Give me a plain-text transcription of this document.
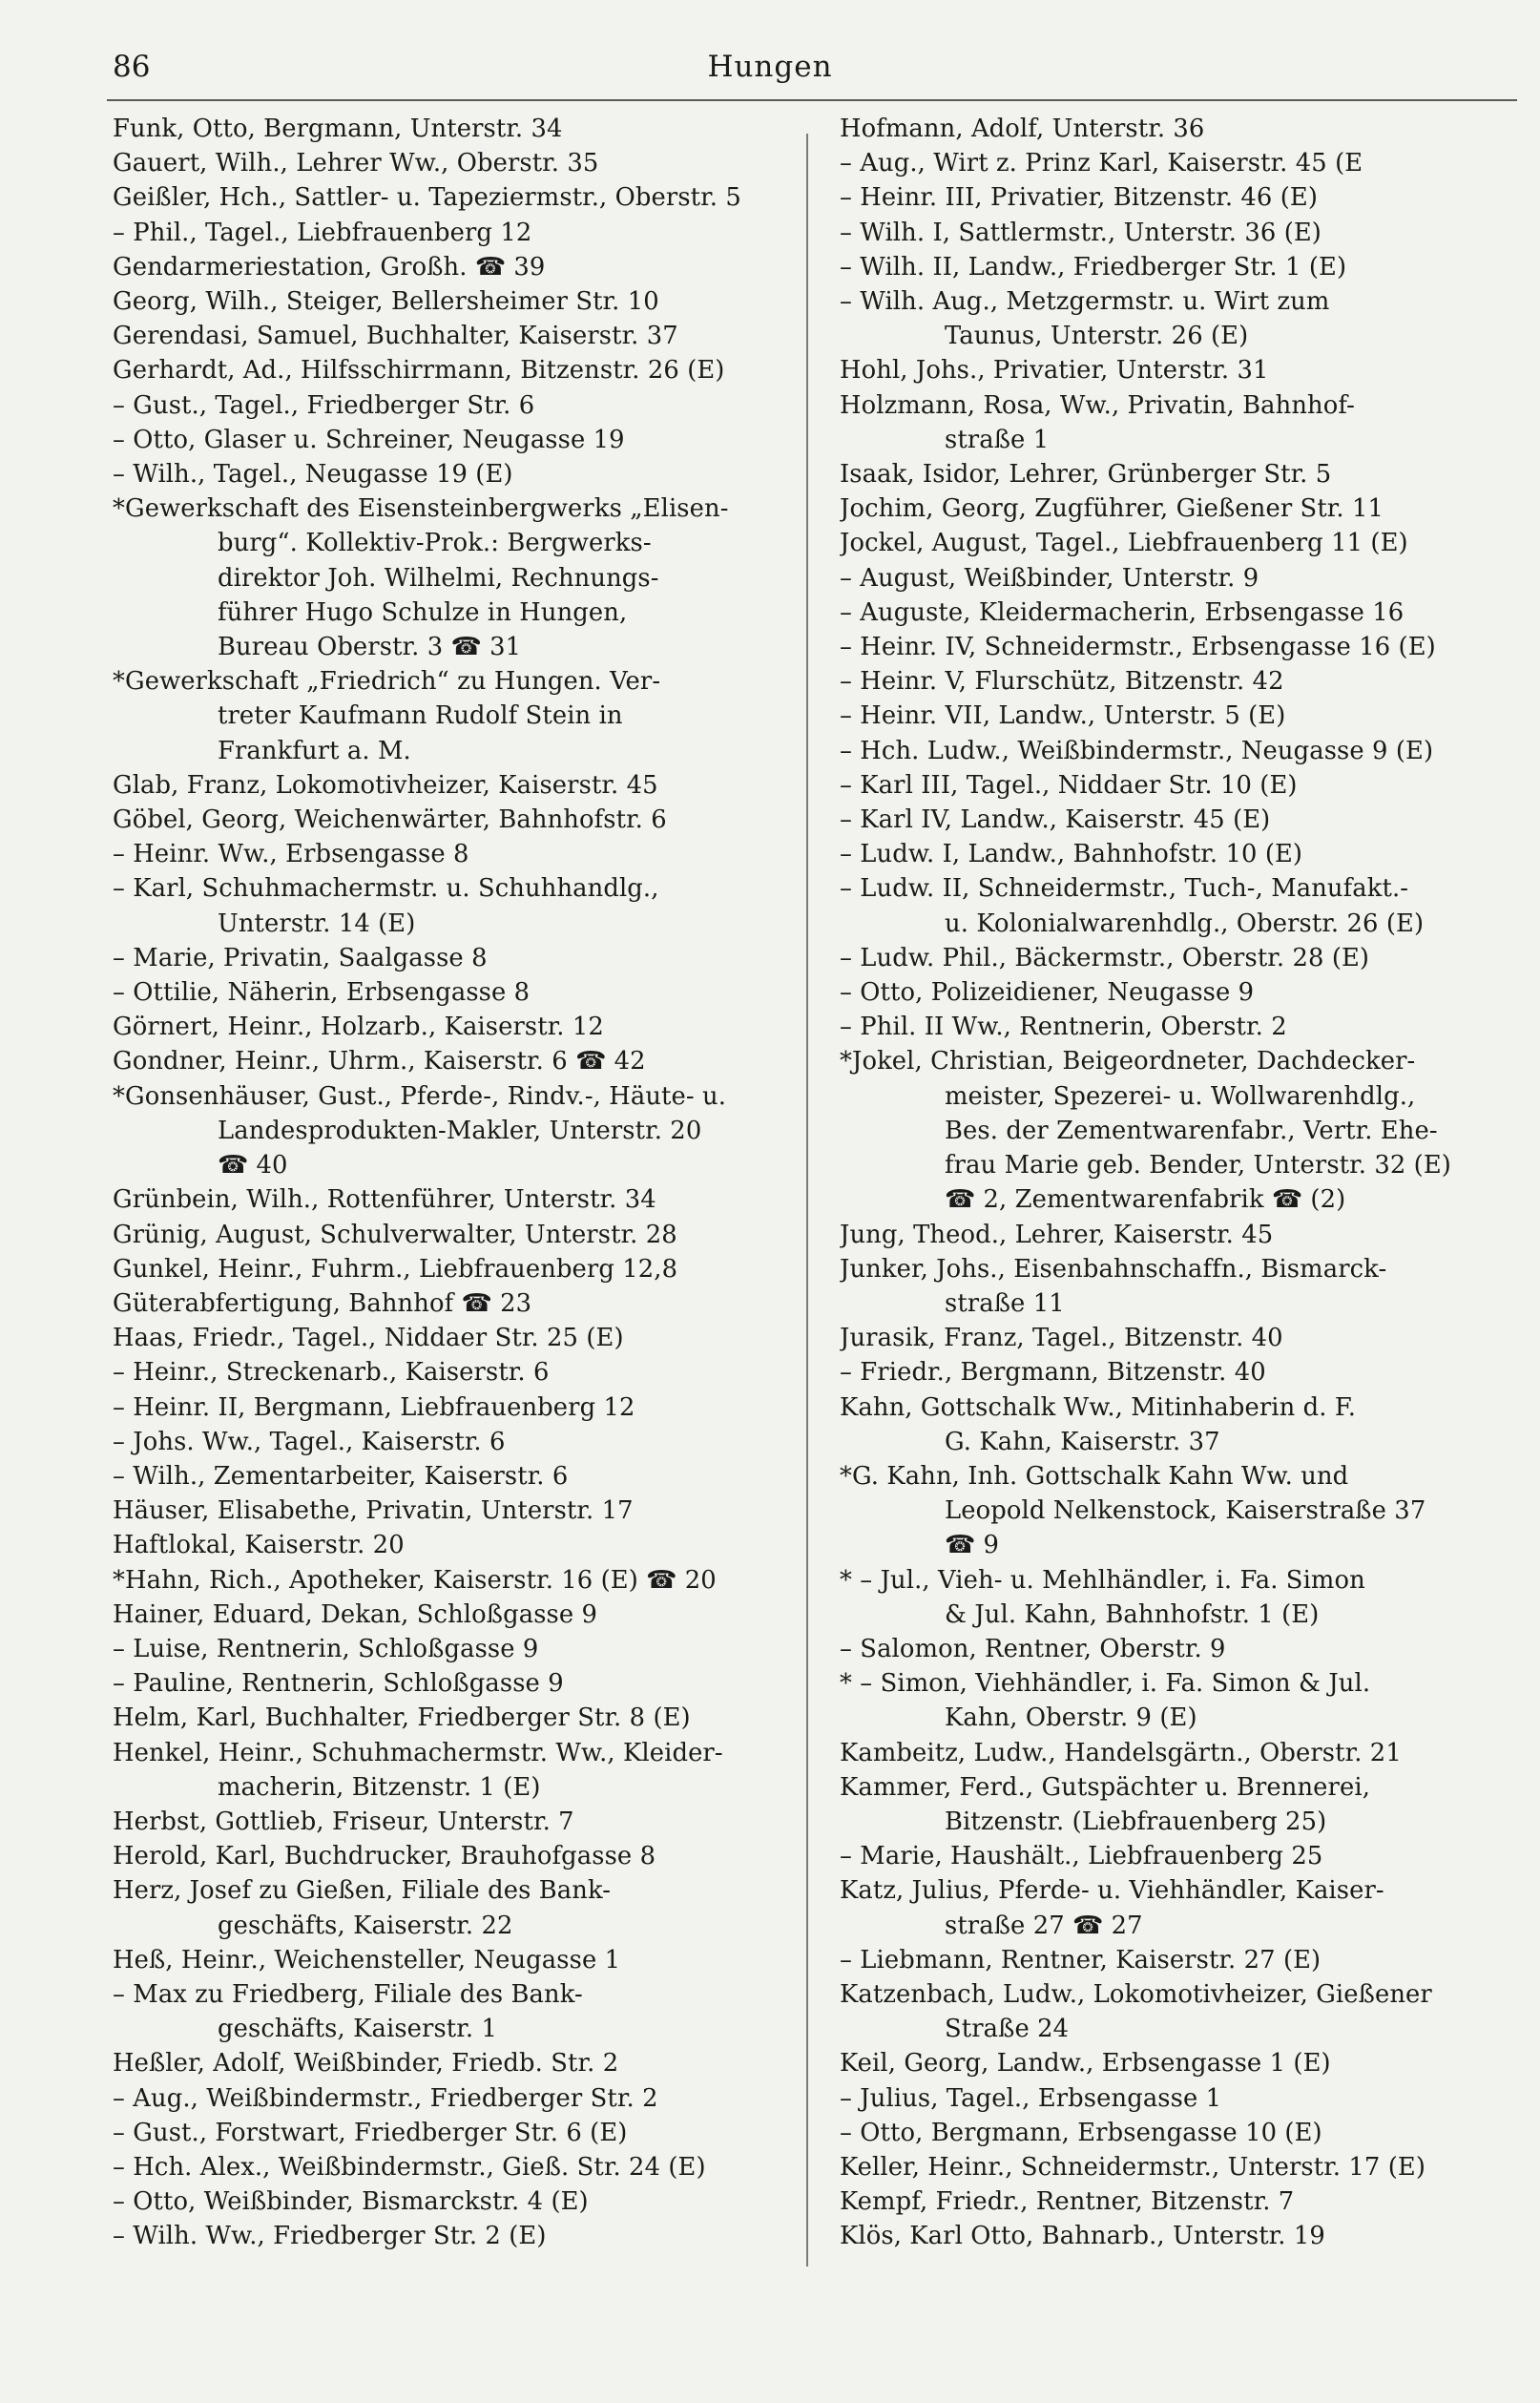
86	Hungen

Funk, Otto, Bergmann, Unterstr. 34

Gauert, Wilh., Lehrer Ww., Oberstr. 35

Geißler, Hch., Sattler- u. Tapeziermstr., Oberstr. 5

– Phil., Tagel., Liebfrauenberg 12

Gendarmeriestation, Großh. ☎ 39

Georg, Wilh., Steiger, Bellersheimer Str. 10

Gerendasi, Samuel, Buchhalter, Kaiserstr. 37

Gerhardt, Ad., Hilfsschirrmann, Bitzenstr. 26 (E)

– Gust., Tagel., Friedberger Str. 6

– Otto, Glaser u. Schreiner, Neugasse 19

– Wilh., Tagel., Neugasse 19 (E)

*Gewerkschaft des Eisensteinbergwerks „Elisen-

burg“. Kollektiv-Prok.: Bergwerks-

direktor Joh. Wilhelmi, Rechnungs-

führer Hugo Schulze in Hungen,

Bureau Oberstr. 3 ☎ 31

*Gewerkschaft „Friedrich“ zu Hungen. Ver-

treter Kaufmann Rudolf Stein in

Frankfurt a. M.

Glab, Franz, Lokomotivheizer, Kaiserstr. 45

Göbel, Georg, Weichenwärter, Bahnhofstr. 6

– Heinr. Ww., Erbsengasse 8

– Karl, Schuhmachermstr. u. Schuhhandlg.,

Unterstr. 14 (E)

– Marie, Privatin, Saalgasse 8

– Ottilie, Näherin, Erbsengasse 8

Görnert, Heinr., Holzarb., Kaiserstr. 12

Gondner, Heinr., Uhrm., Kaiserstr. 6 ☎ 42

*Gonsenhäuser, Gust., Pferde-, Rindv.-, Häute- u.

Landesprodukten-Makler, Unterstr. 20

☎ 40

Grünbein, Wilh., Rottenführer, Unterstr. 34

Grünig, August, Schulverwalter, Unterstr. 28

Gunkel, Heinr., Fuhrm., Liebfrauenberg 12,8

Güterabfertigung, Bahnhof ☎ 23

Haas, Friedr., Tagel., Niddaer Str. 25 (E)

– Heinr., Streckenarb., Kaiserstr. 6

– Heinr. II, Bergmann, Liebfrauenberg 12

– Johs. Ww., Tagel., Kaiserstr. 6

– Wilh., Zementarbeiter, Kaiserstr. 6

Häuser, Elisabethe, Privatin, Unterstr. 17

Haftlokal, Kaiserstr. 20

*Hahn, Rich., Apotheker, Kaiserstr. 16 (E) ☎ 20

Hainer, Eduard, Dekan, Schloßgasse 9

– Luise, Rentnerin, Schloßgasse 9

– Pauline, Rentnerin, Schloßgasse 9

Helm, Karl, Buchhalter, Friedberger Str. 8 (E)

Henkel, Heinr., Schuhmachermstr. Ww., Kleider-

macherin, Bitzenstr. 1 (E)

Herbst, Gottlieb, Friseur, Unterstr. 7

Herold, Karl, Buchdrucker, Brauhofgasse 8

Herz, Josef zu Gießen, Filiale des Bank-

geschäfts, Kaiserstr. 22

Heß, Heinr., Weichensteller, Neugasse 1

– Max zu Friedberg, Filiale des Bank-

geschäfts, Kaiserstr. 1

Heßler, Adolf, Weißbinder, Friedb. Str. 2

– Aug., Weißbindermstr., Friedberger Str. 2

– Gust., Forstwart, Friedberger Str. 6 (E)

– Hch. Alex., Weißbindermstr., Gieß. Str. 24 (E)

– Otto, Weißbinder, Bismarckstr. 4 (E)

– Wilh. Ww., Friedberger Str. 2 (E)

Hofmann, Adolf, Unterstr. 36

– Aug., Wirt z. Prinz Karl, Kaiserstr. 45 (E

– Heinr. III, Privatier, Bitzenstr. 46 (E)

– Wilh. I, Sattlermstr., Unterstr. 36 (E)

– Wilh. II, Landw., Friedberger Str. 1 (E)

– Wilh. Aug., Metzgermstr. u. Wirt zum

Taunus, Unterstr. 26 (E)

Hohl, Johs., Privatier, Unterstr. 31

Holzmann, Rosa, Ww., Privatin, Bahnhof-

straße 1

Isaak, Isidor, Lehrer, Grünberger Str. 5

Jochim, Georg, Zugführer, Gießener Str. 11

Jockel, August, Tagel., Liebfrauenberg 11 (E)

– August, Weißbinder, Unterstr. 9

– Auguste, Kleidermacherin, Erbsengasse 16

– Heinr. IV, Schneidermstr., Erbsengasse 16 (E)

– Heinr. V, Flurschütz, Bitzenstr. 42

– Heinr. VII, Landw., Unterstr. 5 (E)

– Hch. Ludw., Weißbindermstr., Neugasse 9 (E)

– Karl III, Tagel., Niddaer Str. 10 (E)

– Karl IV, Landw., Kaiserstr. 45 (E)

– Ludw. I, Landw., Bahnhofstr. 10 (E)

– Ludw. II, Schneidermstr., Tuch-, Manufakt.-

u. Kolonialwarenhdlg., Oberstr. 26 (E)

– Ludw. Phil., Bäckermstr., Oberstr. 28 (E)

– Otto, Polizeidiener, Neugasse 9

– Phil. II Ww., Rentnerin, Oberstr. 2

*Jokel, Christian, Beigeordneter, Dachdecker-

meister, Spezerei- u. Wollwarenhdlg.,

Bes. der Zementwarenfabr., Vertr. Ehe-

frau Marie geb. Bender, Unterstr. 32 (E)

☎ 2, Zementwarenfabrik ☎ (2)

Jung, Theod., Lehrer, Kaiserstr. 45

Junker, Johs., Eisenbahnschaffn., Bismarck-

straße 11

Jurasik, Franz, Tagel., Bitzenstr. 40

– Friedr., Bergmann, Bitzenstr. 40

Kahn, Gottschalk Ww., Mitinhaberin d. F.

G. Kahn, Kaiserstr. 37

*G. Kahn, Inh. Gottschalk Kahn Ww. und

Leopold Nelkenstock, Kaiserstraße 37

☎ 9

* – Jul., Vieh- u. Mehlhändler, i. Fa. Simon

& Jul. Kahn, Bahnhofstr. 1 (E)

– Salomon, Rentner, Oberstr. 9

* – Simon, Viehhändler, i. Fa. Simon & Jul.

Kahn, Oberstr. 9 (E)

Kambeitz, Ludw., Handelsgärtn., Oberstr. 21

Kammer, Ferd., Gutspächter u. Brennerei,

Bitzenstr. (Liebfrauenberg 25)

– Marie, Haushält., Liebfrauenberg 25

Katz, Julius, Pferde- u. Viehhändler, Kaiser-

straße 27 ☎ 27

– Liebmann, Rentner, Kaiserstr. 27 (E)

Katzenbach, Ludw., Lokomotivheizer, Gießener

Straße 24

Keil, Georg, Landw., Erbsengasse 1 (E)

– Julius, Tagel., Erbsengasse 1

– Otto, Bergmann, Erbsengasse 10 (E)

Keller, Heinr., Schneidermstr., Unterstr. 17 (E)

Kempf, Friedr., Rentner, Bitzenstr. 7

Klös, Karl Otto, Bahnarb., Unterstr. 19
